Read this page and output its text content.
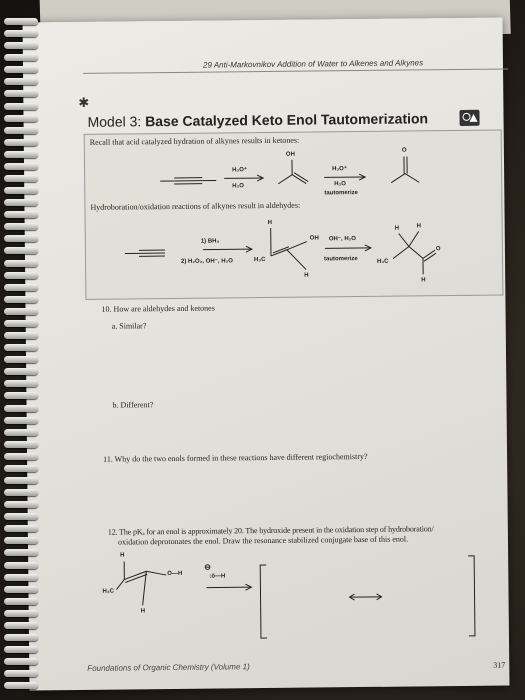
29 Anti-Markovnikov Addition of Water to Alkenes and Alkynes
✱
Model 3: Base Catalyzed Keto Enol Tautomerization
Recall that acid catalyzed hydration of alkynes results in ketones:
Hydroboration/oxidation reactions of alkynes result in aldehydes:
H₃O⁺
H₂O
OH
H₃O⁺
H₂O
tautomerize
O
H
1) BH₃
2) H₂O₂, OH⁻, H₂O	H₃C
H
OH OH⁻, H₂O
tautomerize
H	H
H₃C
O
H
10. How are aldehydes and ketones
a. Similar?
b. Different?
11. Why do the two enols formed in these reactions have different regiochemistry?
12. The pKₐ for an enol is approximately 20. The hydroxide present in the oxidation step of hydroboration/
oxidation deprotonates the enol. Draw the resonance stabilized conjugate base of this enol.
H
O—H
H₃C
H
⊖
:ö—H
Foundations of Organic Chemistry (Volume 1)	317
